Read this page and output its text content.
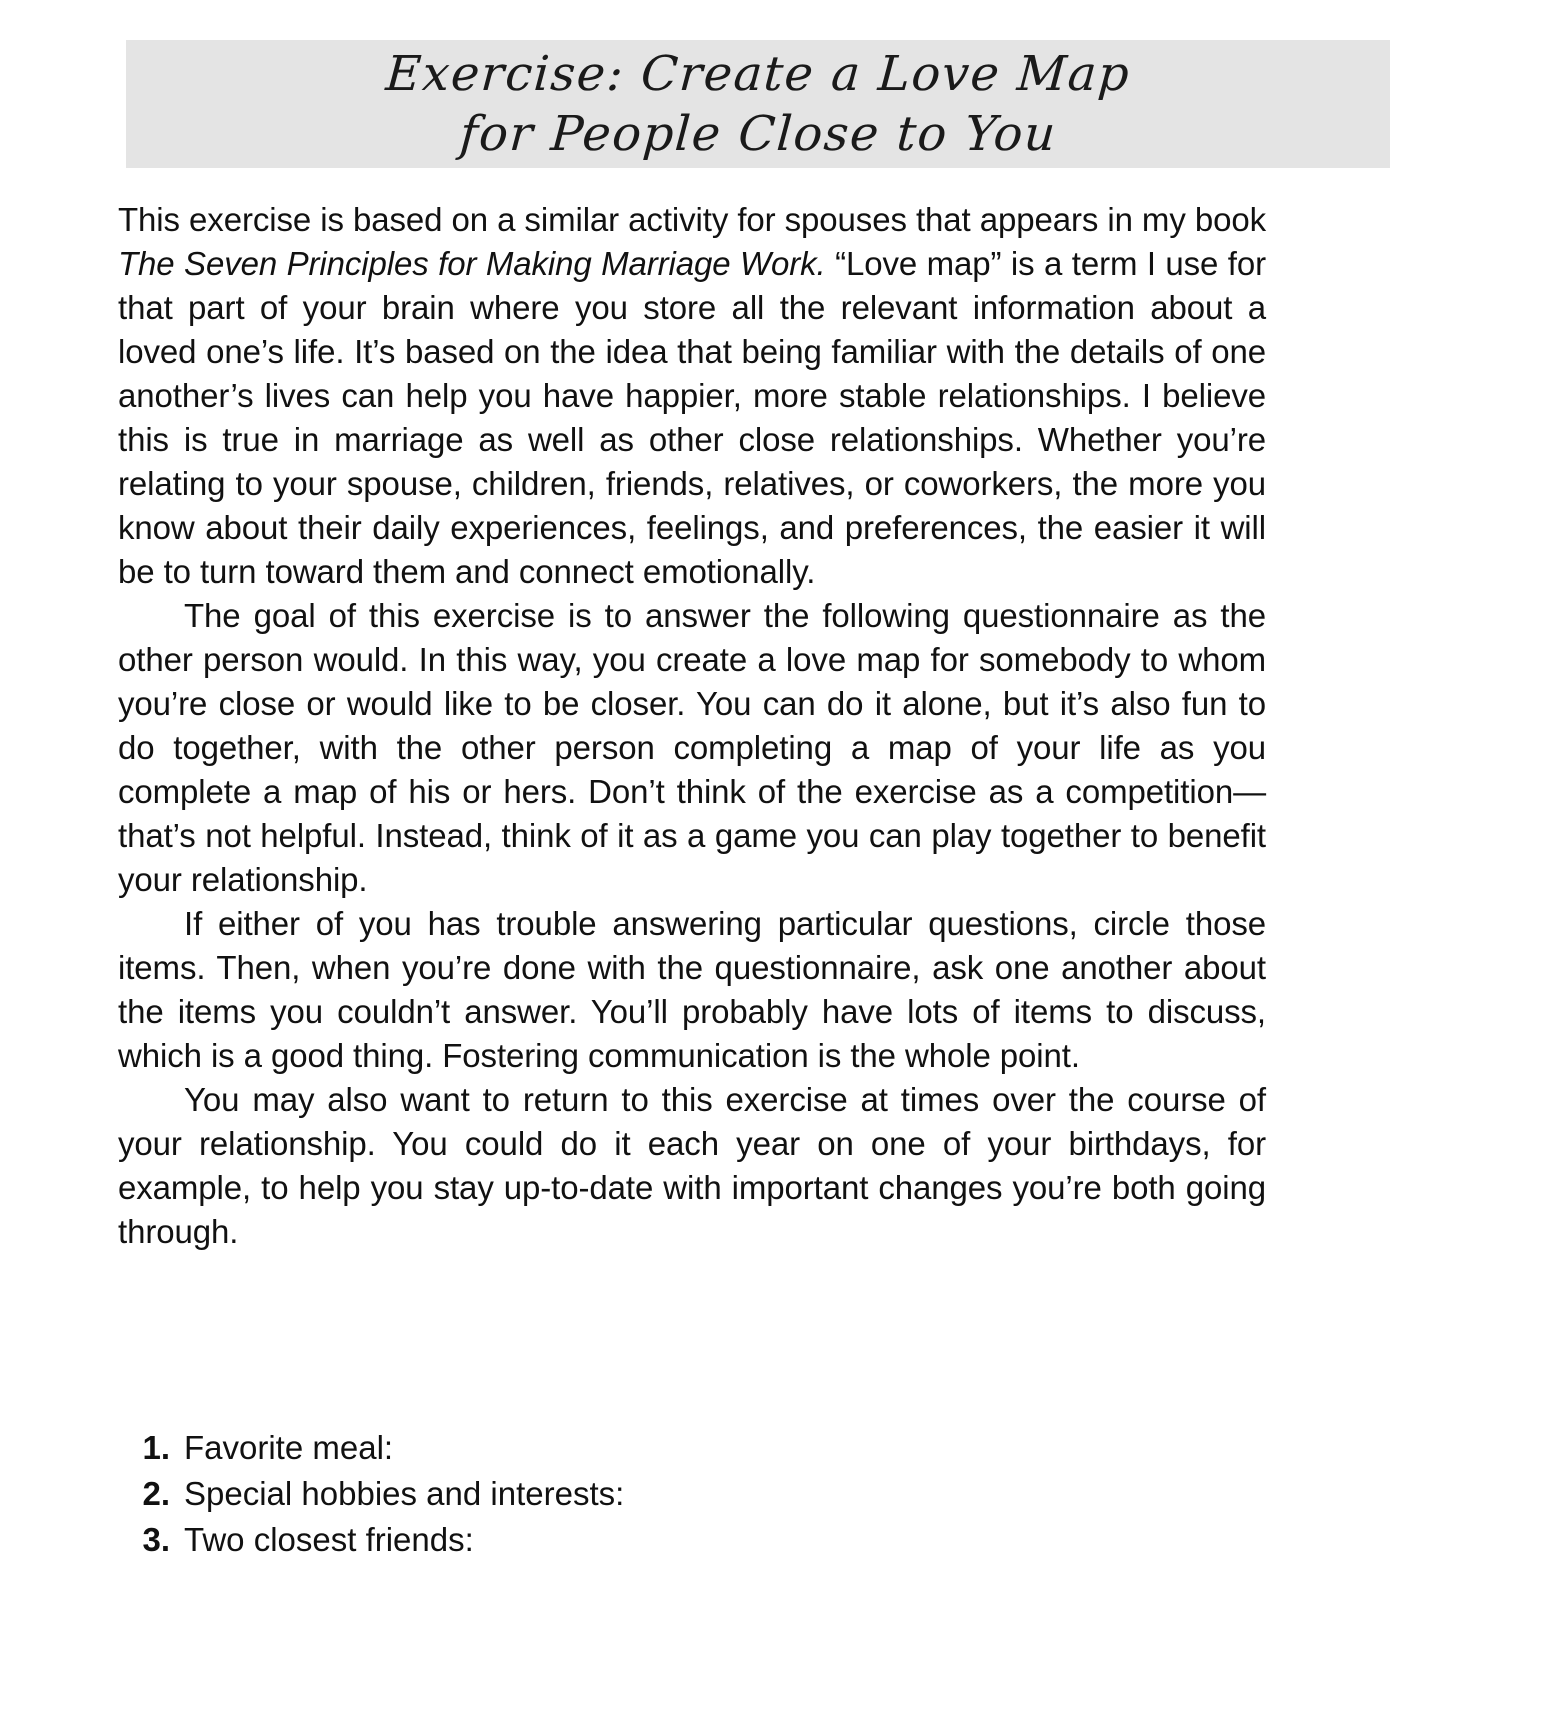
Exercise: Create a Love Map
for People Close to You

This exercise is based on a similar activity for spouses that appears in my book The Seven Principles for Making Marriage Work. “Love map” is a term I use for that part of your brain where you store all the relevant information about a loved one’s life. It’s based on the idea that being familiar with the details of one another’s lives can help you have happier, more stable relationships. I believe this is true in marriage as well as other close relationships. Whether you’re relating to your spouse, children, friends, relatives, or coworkers, the more you know about their daily experiences, feelings, and preferences, the easier it will be to turn toward them and connect emotionally.

The goal of this exercise is to answer the following questionnaire as the other person would. In this way, you create a love map for somebody to whom you’re close or would like to be closer. You can do it alone, but it’s also fun to do together, with the other person completing a map of your life as you complete a map of his or hers. Don’t think of the exercise as a competition—that’s not helpful. Instead, think of it as a game you can play together to benefit your relationship.

If either of you has trouble answering particular questions, circle those items. Then, when you’re done with the questionnaire, ask one another about the items you couldn’t answer. You’ll probably have lots of items to discuss, which is a good thing. Fostering communication is the whole point.

You may also want to return to this exercise at times over the course of your relationship. You could do it each year on one of your birthdays, for example, to help you stay up-to-date with important changes you’re both going through.

1. Favorite meal:
2. Special hobbies and interests:
3. Two closest friends:
